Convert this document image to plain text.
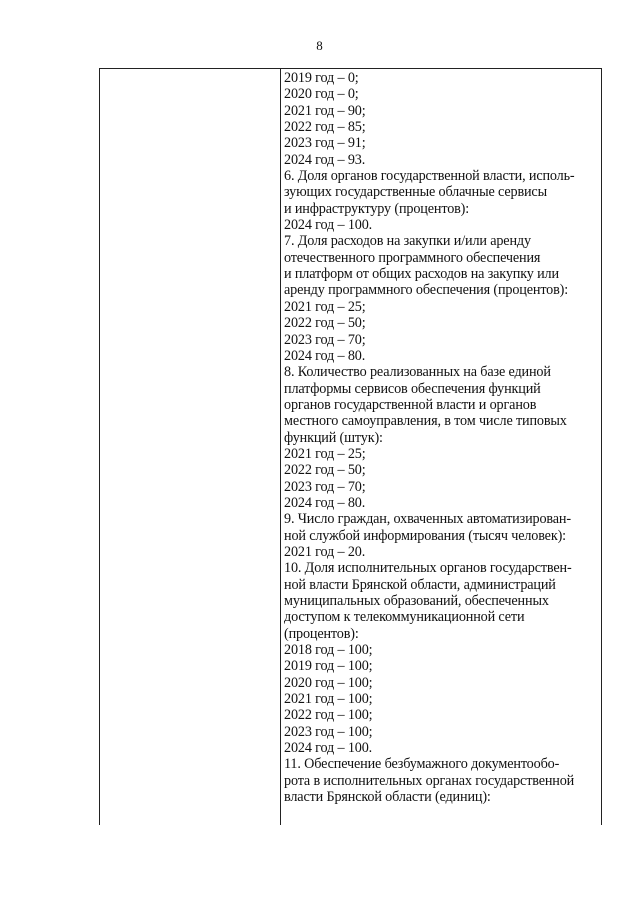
8
2019 год – 0;
2020 год – 0;
2021 год – 90;
2022 год – 85;
2023 год – 91;
2024 год – 93.
6. Доля органов государственной власти, исполь-
зующих государственные облачные сервисы
и инфраструктуру (процентов):
2024 год – 100.
7. Доля расходов на закупки и/или аренду
отечественного программного обеспечения
и платформ от общих расходов на закупку или
аренду программного обеспечения (процентов):
2021 год – 25;
2022 год – 50;
2023 год – 70;
2024 год – 80.
8. Количество реализованных на базе единой
платформы сервисов обеспечения функций
органов государственной власти и органов
местного самоуправления, в том числе типовых
функций (штук):
2021 год – 25;
2022 год – 50;
2023 год – 70;
2024 год – 80.
9. Число граждан, охваченных автоматизирован-
ной службой информирования (тысяч человек):
2021 год – 20.
10. Доля исполнительных органов государствен-
ной власти Брянской области, администраций
муниципальных образований, обеспеченных
доступом к телекоммуникационной сети
(процентов):
2018 год – 100;
2019 год – 100;
2020 год – 100;
2021 год – 100;
2022 год – 100;
2023 год – 100;
2024 год – 100.
11. Обеспечение безбумажного документообо-
рота в исполнительных органах государственной
власти Брянской области (единиц):
